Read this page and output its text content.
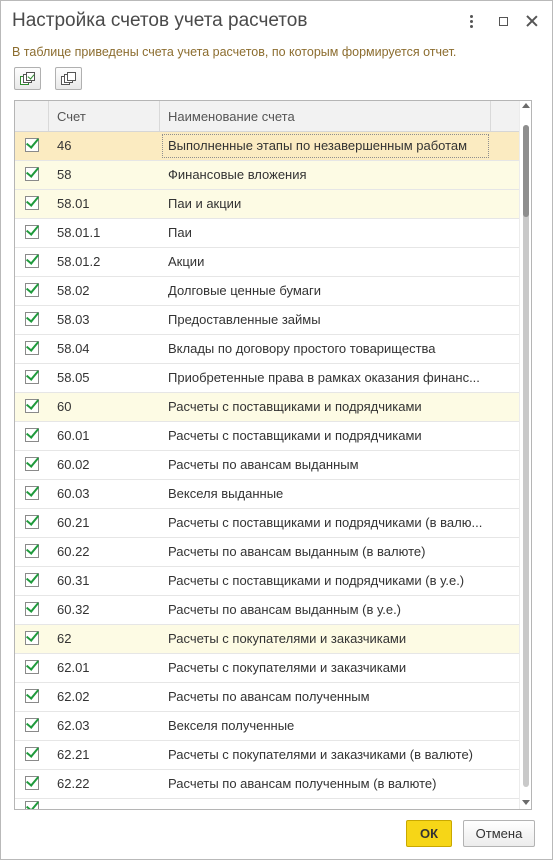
Настройка счетов учета расчетов
В таблице приведены счета учета расчетов, по которым формируется отчет.
Счет	Наименование счета
46	Выполненные этапы по незавершенным работам
58	Финансовые вложения
58.01	Паи и акции
58.01.1	Паи
58.01.2	Акции
58.02	Долговые ценные бумаги
58.03	Предоставленные займы
58.04	Вклады по договору простого товарищества
58.05	Приобретенные права в рамках оказания финанс...
60	Расчеты с поставщиками и подрядчиками
60.01	Расчеты с поставщиками и подрядчиками
60.02	Расчеты по авансам выданным
60.03	Векселя выданные
60.21	Расчеты с поставщиками и подрядчиками (в валю...
60.22	Расчеты по авансам выданным (в валюте)
60.31	Расчеты с поставщиками и подрядчиками (в у.е.)
60.32	Расчеты по авансам выданным (в у.е.)
62	Расчеты с покупателями и заказчиками
62.01	Расчеты с покупателями и заказчиками
62.02	Расчеты по авансам полученным
62.03	Векселя полученные
62.21	Расчеты с покупателями и заказчиками (в валюте)
62.22	Расчеты по авансам полученным (в валюте)
ОК	Отмена
